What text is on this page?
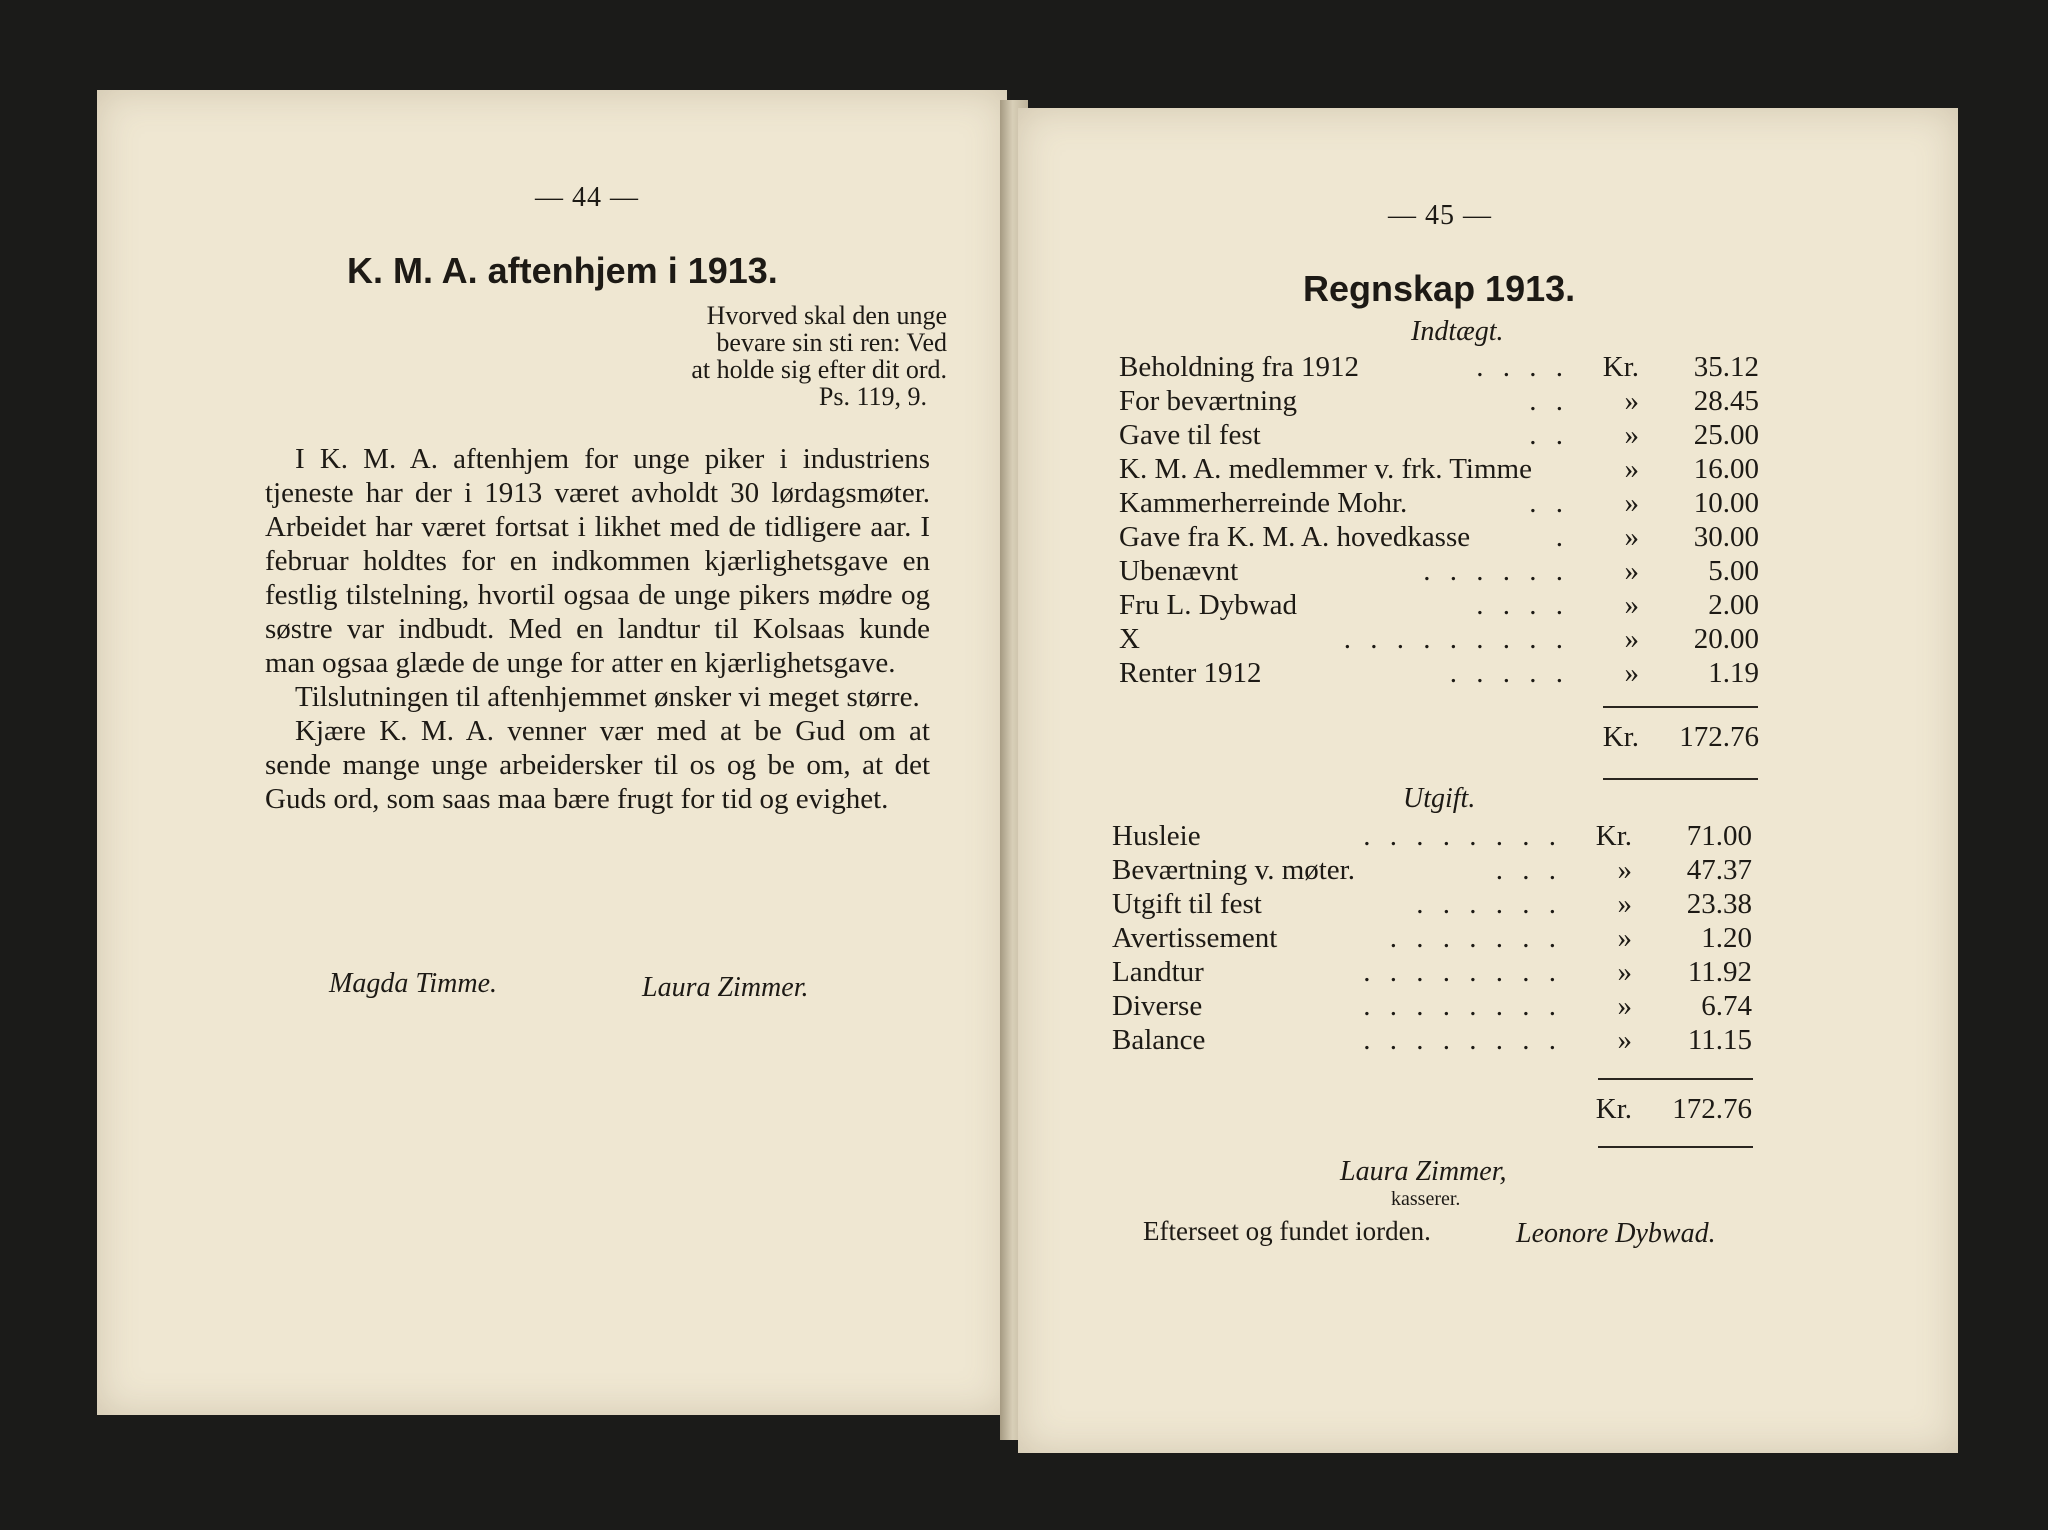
— 44 —
K. M. A. aftenhjem i 1913.
Hvorved skal den unge
bevare sin sti ren: Ved
at holde sig efter dit ord.
Ps. 119, 9.

I K. M. A. aftenhjem for unge piker i industriens tjeneste har der i 1913 været avholdt 30 lørdagsmøter. Arbeidet har været fortsat i likhet med de tidligere aar. I februar holdtes for en indkommen kjærlighetsgave en festlig tilstelning, hvortil ogsaa de unge pikers mødre og søstre var indbudt. Med en landtur til Kolsaas kunde man ogsaa glæde de unge for atter en kjærlighetsgave.

Tilslutningen til aftenhjemmet ønsker vi meget større.

Kjære K. M. A. venner vær med at be Gud om at sende mange unge arbeidersker til os og be om, at det Guds ord, som saas maa bære frugt for tid og evighet.

Magda Timme.	Laura Zimmer.
— 45 —
Regnskap 1913.
Indtægt.
Beholdning fra 1912	. . . . Kr. 35.12
For beværtning	. . » 28.45
Gave til fest	. . » 25.00
K. M. A. medlemmer v. frk. Timme	» 16.00
Kammerherreinde Mohr.	. . » 10.00
Gave fra K. M. A. hovedkasse	. » 30.00
Ubenævnt	. . . . . . » 5.00
Fru L. Dybwad	. . . . » 2.00
X	. . . . . . . . . » 20.00
Renter 1912	. . . . . » 1.19
Kr. 172.76
Utgift.
Husleie	. . . . . . . . Kr. 71.00
Beværtning v. møter.	. . . » 47.37
Utgift til fest	. . . . . . » 23.38
Avertissement	. . . . . . . » 1.20
Landtur	. . . . . . . . » 11.92
Diverse	. . . . . . . . » 6.74
Balance	. . . . . . . . » 11.15
Kr. 172.76
Laura Zimmer,
kasserer.
Efterseet og fundet iorden.	Leonore Dybwad.
